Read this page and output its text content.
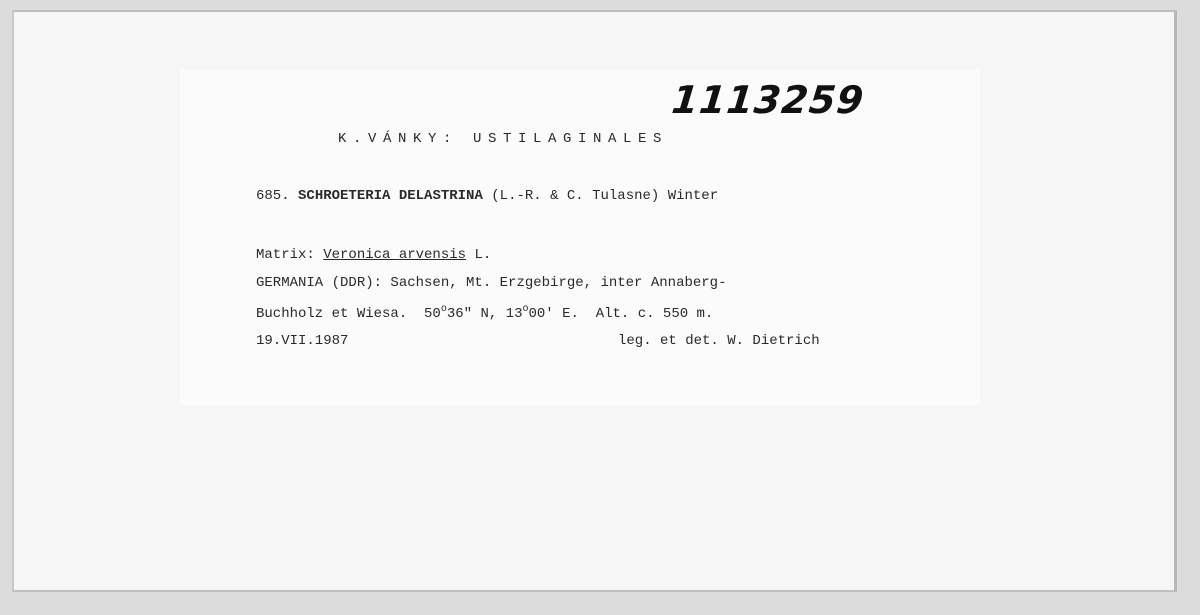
1113259
K.VÁNKY: USTILAGINALES
685. SCHROETERIA DELASTRINA (L.-R. & C. Tulasne) Winter
Matrix: Veronica arvensis L.
GERMANIA (DDR): Sachsen, Mt. Erzgebirge, inter Annaberg-
Buchholz et Wiesa.  50$^o$36" N, 13$^o$00' E.  Alt. c. 550 m.
19.VII.1987	leg. et det. W. Dietrich
